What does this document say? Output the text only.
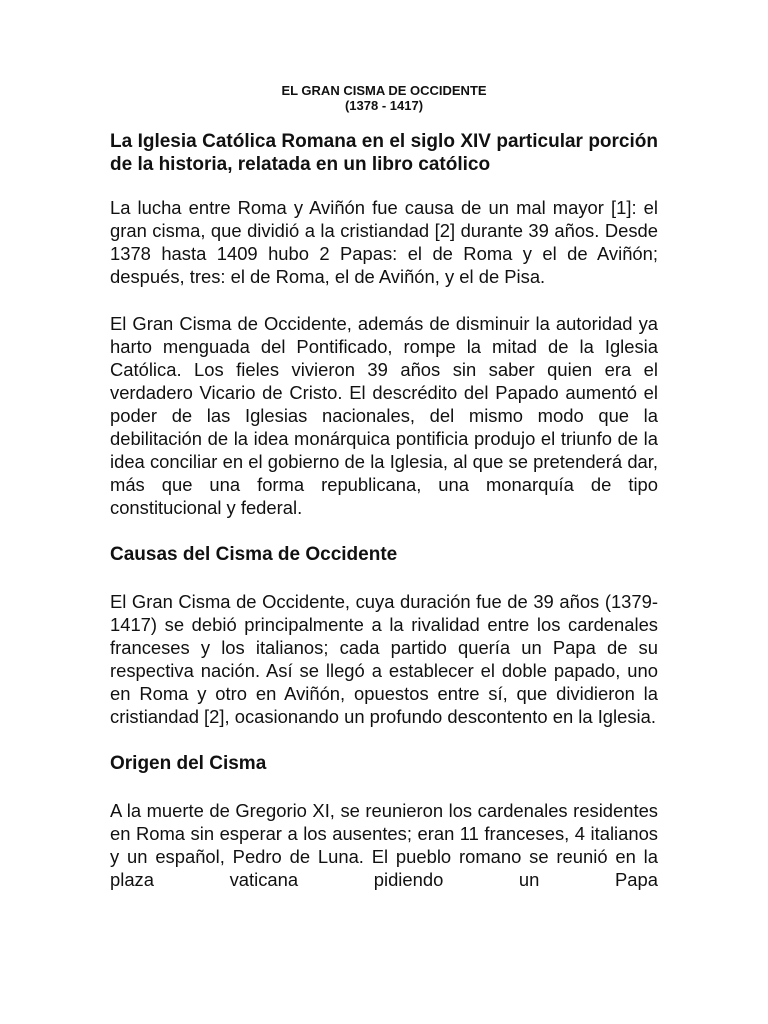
EL GRAN CISMA DE OCCIDENTE

(1378 - 1417)

La Iglesia Católica Romana en el siglo XIV particular porción de la historia, relatada en un libro católico

La lucha entre Roma y Aviñón fue causa de un mal mayor [1]: el gran cisma, que dividió a la cristiandad [2] durante 39 años. Desde 1378 hasta 1409 hubo 2 Papas: el de Roma y el de Aviñón; después, tres: el de Roma, el de Aviñón, y el de Pisa.

El Gran Cisma de Occidente, además de disminuir la autoridad ya harto menguada del Pontificado, rompe la mitad de la Iglesia Católica. Los fieles vivieron 39 años sin saber quien era el verdadero Vicario de Cristo. El descrédito del Papado aumentó el poder de las Iglesias nacionales, del mismo modo que la debilitación de la idea monárquica pontificia produjo el triunfo de la idea conciliar en el gobierno de la Iglesia, al que se pretenderá dar, más que una forma republicana, una monarquía de tipo constitucional y federal.

Causas del Cisma de Occidente

El Gran Cisma de Occidente, cuya duración fue de 39 años (1379-1417) se debió principalmente a la rivalidad entre los cardenales franceses y los italianos; cada partido quería un Papa de su respectiva nación. Así se llegó a establecer el doble papado, uno en Roma y otro en Aviñón, opuestos entre sí, que dividieron la cristiandad [2], ocasionando un profundo descontento en la Iglesia.

Origen del Cisma

A la muerte de Gregorio XI, se reunieron los cardenales residentes en Roma sin esperar a los ausentes; eran 11 franceses, 4 italianos y un español, Pedro de Luna. El pueblo romano se reunió en la plaza vaticana pidiendo un Papa
